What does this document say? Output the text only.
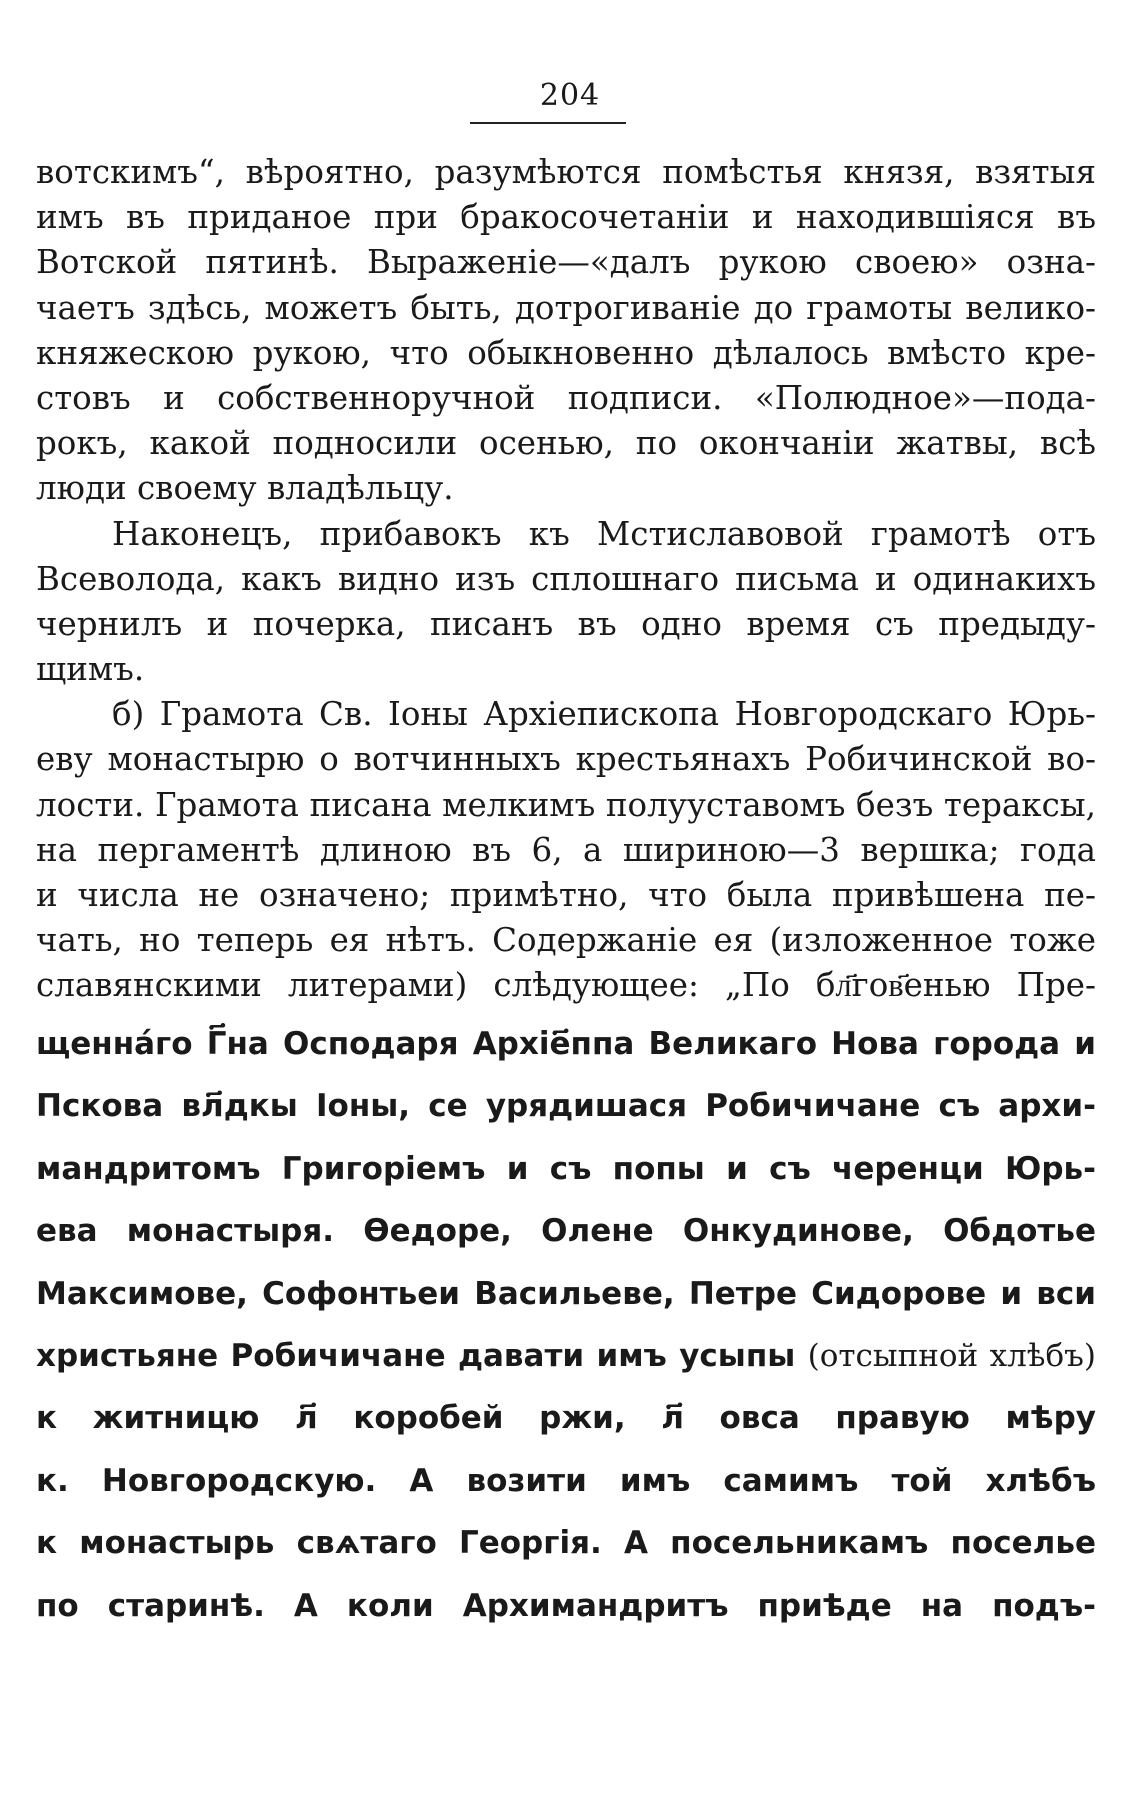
204
вотскимъ“, вѣроятно, разумѣются помѣстья князя, взятыя
имъ въ приданое при бракосочетаніи и находившіяся въ
Вотской пятинѣ. Выраженіе—«далъ рукою своею» озна-
чаетъ здѣсь, можетъ быть, дотрогиваніе до грамоты велико-
княжескою рукою, что обыкновенно дѣлалось вмѣсто кре-
стовъ и собственноручной подписи. «Полюдное»—пода-
рокъ, какой подносили осенью, по окончаніи жатвы, всѣ
люди своему владѣльцу.
Наконецъ, прибавокъ къ Мстиславовой грамотѣ отъ
Всеволода, какъ видно изъ сплошнаго письма и одинакихъ
чернилъ и почерка, писанъ въ одно время съ предыду-
щимъ.
б) Грамота Св. Іоны Архіепископа Новгородскаго Юрь-
еву монастырю о вотчинныхъ крестьянахъ Робичинской во-
лости. Грамота писана мелкимъ полууставомъ безъ тераксы,
на пергаментѣ длиною въ 6, а шириною—3 вершка; года
и числа не означено; примѣтно, что была привѣшена пе-
чать, но теперь ея нѣтъ. Содержаніе ея (изложенное тоже
славянскими литерами) слѣдующее: „По бл҃гов҃енью Пре-
щенна́го Г҃на Осподаря Архіе҃ппа Великаго Нова города и
Пскова вл҃дкы Іоны, се урядишася Робичичане съ архи-
мандритомъ Григоріемъ и съ попы и съ черенци Юрь-
ева монастыря. Ѳедоре, Олене Онкудинове, Обдотье
Максимове, Софонтьеи Васильеве, Петре Сидорове и вси
христьяне Робичичане давати имъ усыпы (отсыпной хлѣбъ)
к житницю л҃ коробей ржи, л҃ овса правую мѣру
к. Новгородскую. А возити имъ самимъ той хлѣбъ
к монастырь свѧтаго Георгія. А посельникамъ поселье
по старинѣ. А коли Архимандритъ приѣде на подъ-
